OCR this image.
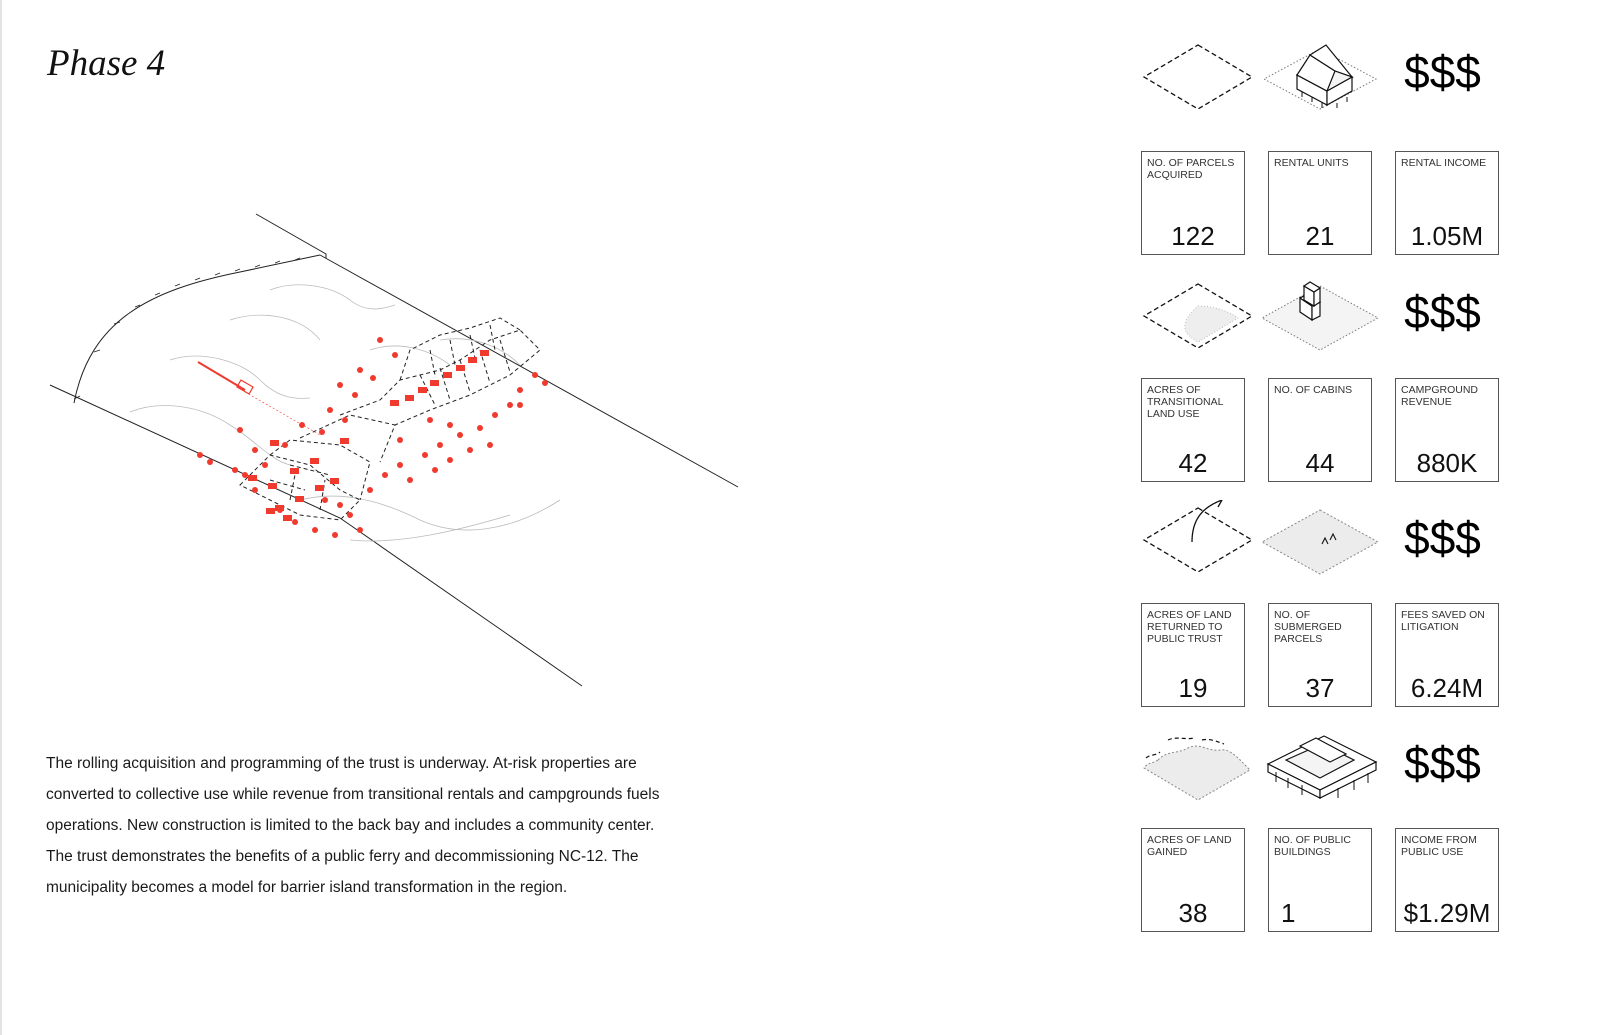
Phase 4

The rolling acquisition and programming of the trust is underway. At-risk properties are

converted to collective use while revenue from transitional rentals and campgrounds fuels

operations. New construction is limited to the back bay and includes a community center.

The trust demonstrates the benefits of a public ferry and decommissioning NC-12. The

municipality becomes a model for barrier island transformation in the region.

$$$
NO. OF PARCELS ACQUIRED
122
RENTAL UNITS
21
RENTAL INCOME
1.05M
$$$
ACRES OF TRANSITIONAL LAND USE
42
NO. OF CABINS
44
CAMPGROUND REVENUE
880K
$$$
ACRES OF LAND RETURNED TO PUBLIC TRUST
19
NO. OF SUBMERGED PARCELS
37
FEES SAVED ON LITIGATION
6.24M
$$$
ACRES OF LAND GAINED
38
NO. OF PUBLIC BUILDINGS
1
INCOME FROM PUBLIC USE
$1.29M
